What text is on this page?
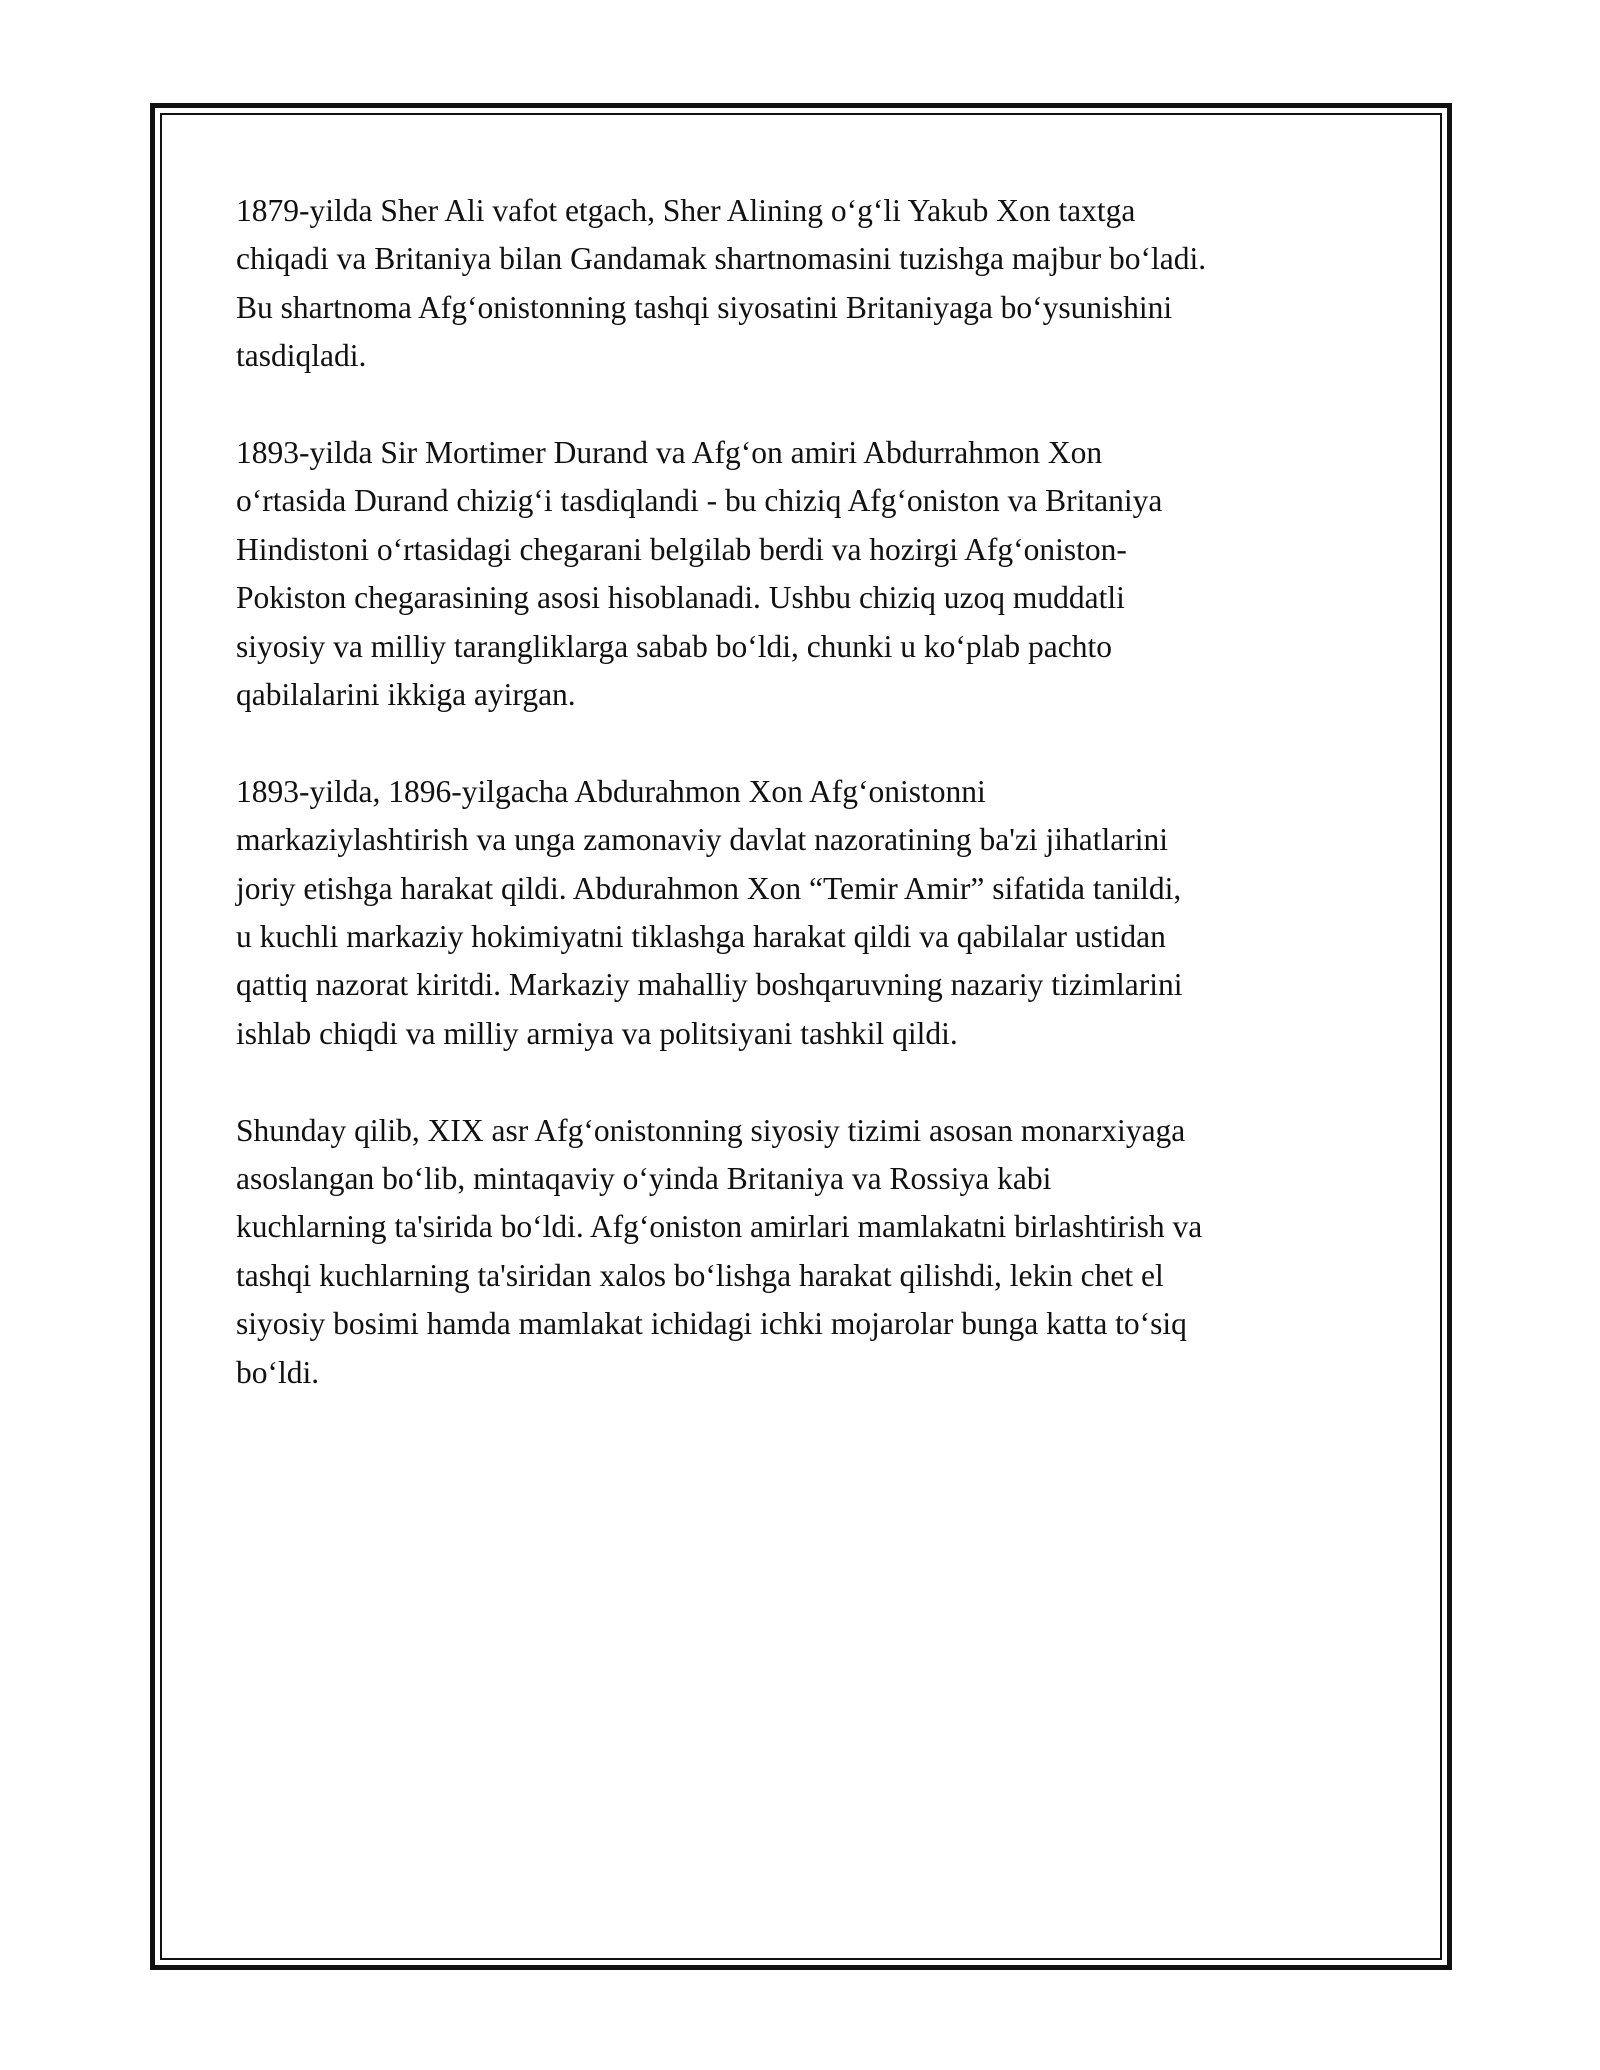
1879-yilda Sher Ali vafot etgach, Sher Alining o‘g‘li Yakub Xon taxtga
chiqadi va Britaniya bilan Gandamak shartnomasini tuzishga majbur bo‘ladi.
Bu shartnoma Afg‘onistonning tashqi siyosatini Britaniyaga bo‘ysunishini
tasdiqladi.

1893-yilda Sir Mortimer Durand va Afg‘on amiri Abdurrahmon Xon
o‘rtasida Durand chizig‘i tasdiqlandi - bu chiziq Afg‘oniston va Britaniya
Hindistoni o‘rtasidagi chegarani belgilab berdi va hozirgi Afg‘oniston-
Pokiston chegarasining asosi hisoblanadi. Ushbu chiziq uzoq muddatli
siyosiy va milliy tarangliklarga sabab bo‘ldi, chunki u ko‘plab pachto
qabilalarini ikkiga ayirgan.

1893-yilda, 1896-yilgacha Abdurahmon Xon Afg‘onistonni
markaziylashtirish va unga zamonaviy davlat nazoratining ba'zi jihatlarini
joriy etishga harakat qildi. Abdurahmon Xon “Temir Amir” sifatida tanildi,
u kuchli markaziy hokimiyatni tiklashga harakat qildi va qabilalar ustidan
qattiq nazorat kiritdi. Markaziy mahalliy boshqaruvning nazariy tizimlarini
ishlab chiqdi va milliy armiya va politsiyani tashkil qildi.

Shunday qilib, XIX asr Afg‘onistonning siyosiy tizimi asosan monarxiyaga
asoslangan bo‘lib, mintaqaviy o‘yinda Britaniya va Rossiya kabi
kuchlarning ta'sirida bo‘ldi. Afg‘oniston amirlari mamlakatni birlashtirish va
tashqi kuchlarning ta'siridan xalos bo‘lishga harakat qilishdi, lekin chet el
siyosiy bosimi hamda mamlakat ichidagi ichki mojarolar bunga katta to‘siq
bo‘ldi.
